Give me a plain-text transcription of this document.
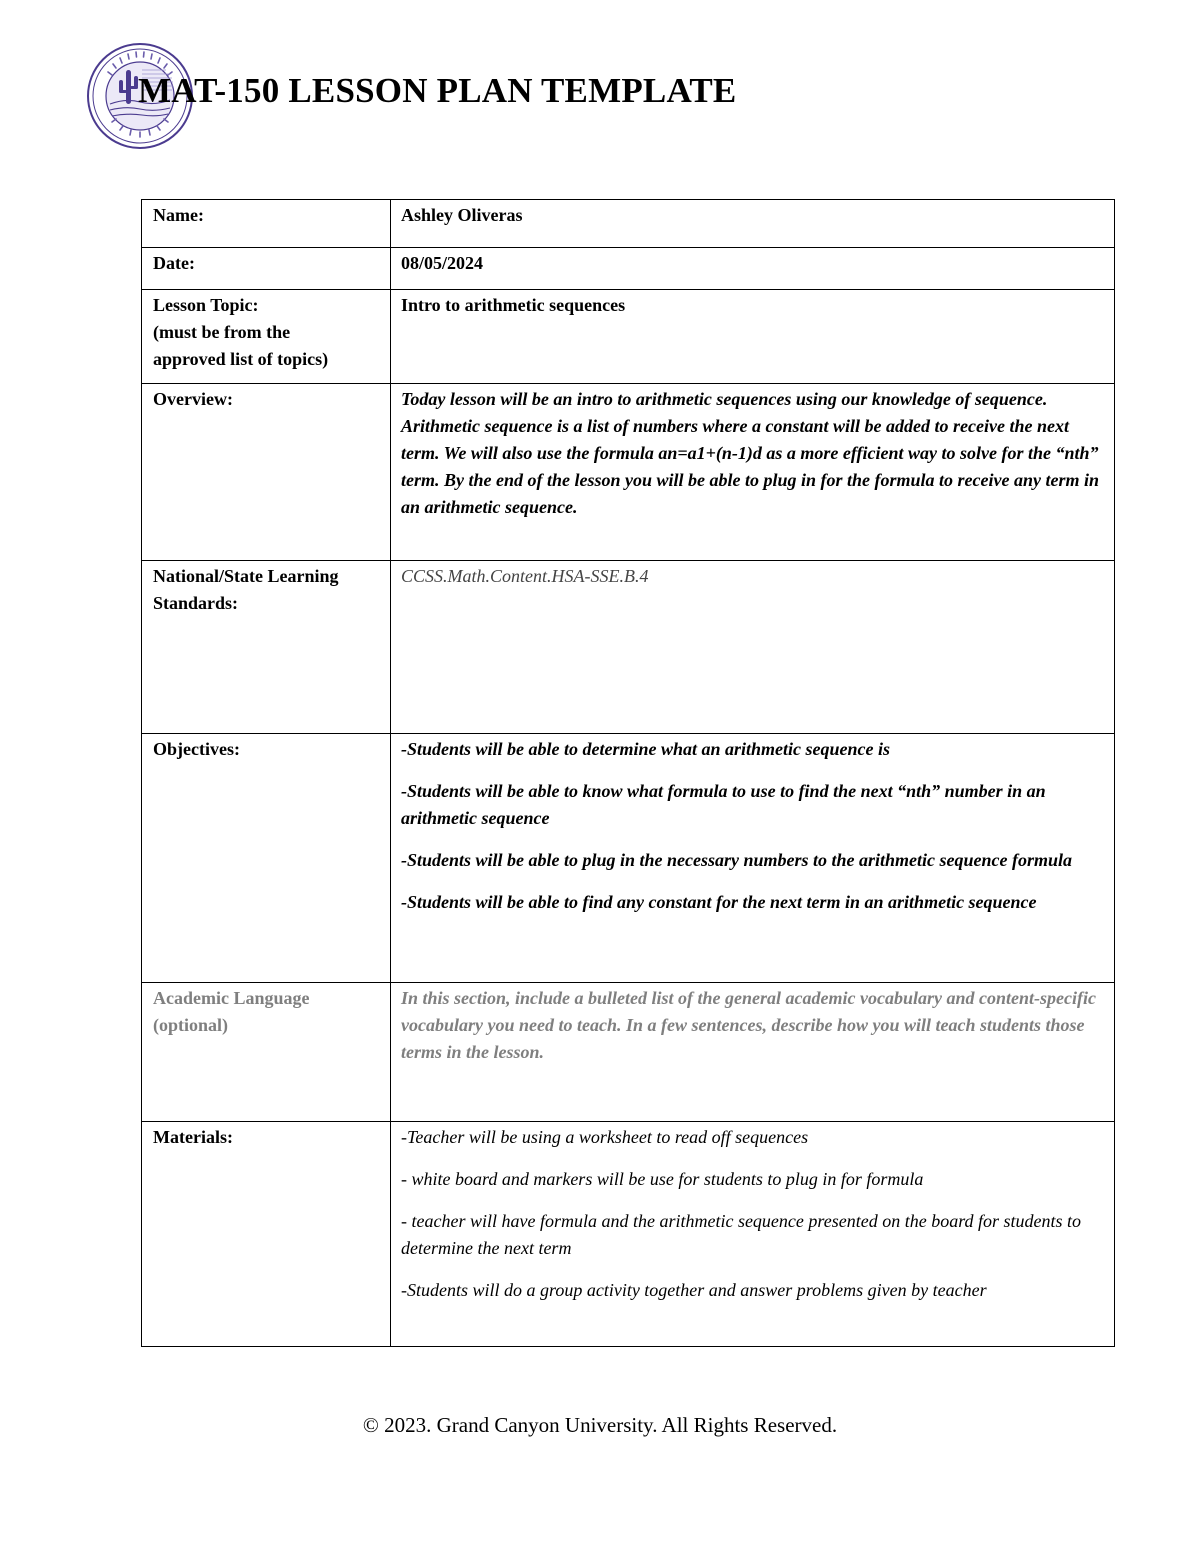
MAT-150 LESSON PLAN TEMPLATE
Name:	Ashley Oliveras
Date:	08/05/2024

Lesson Topic:
(must be from the
approved list of topics)	Intro to arithmetic sequences
Overview:	Today lesson will be an intro to arithmetic sequences using our knowledge of sequence. Arithmetic sequence is a list of numbers where a constant will be added to receive the next term. We will also use the formula an=a1+(n-1)d as a more efficient way to solve for the “nth” term. By the end of the lesson you will be able to plug in for the formula to receive any term in an arithmetic sequence.

National/State Learning
Standards:	CCSS.Math.Content.HSA-SSE.B.4
Objectives:	-Students will be able to determine what an arithmetic sequence is

-Students will be able to know what formula to use to find the next “nth” number in an arithmetic sequence

-Students will be able to plug in the necessary numbers to the arithmetic sequence formula

-Students will be able to find any constant for the next term in an arithmetic sequence

Academic Language
(optional)	In this section, include a bulleted list of the general academic vocabulary and content-specific vocabulary you need to teach. In a few sentences, describe how you will teach students those terms in the lesson.
Materials:	-Teacher will be using a worksheet to read off sequences

- white board and markers will be use for students to plug in for formula

- teacher will have formula and the arithmetic sequence presented on the board for students to determine the next term

-Students will do a group activity together and answer problems given by teacher

© 2023. Grand Canyon University. All Rights Reserved.
